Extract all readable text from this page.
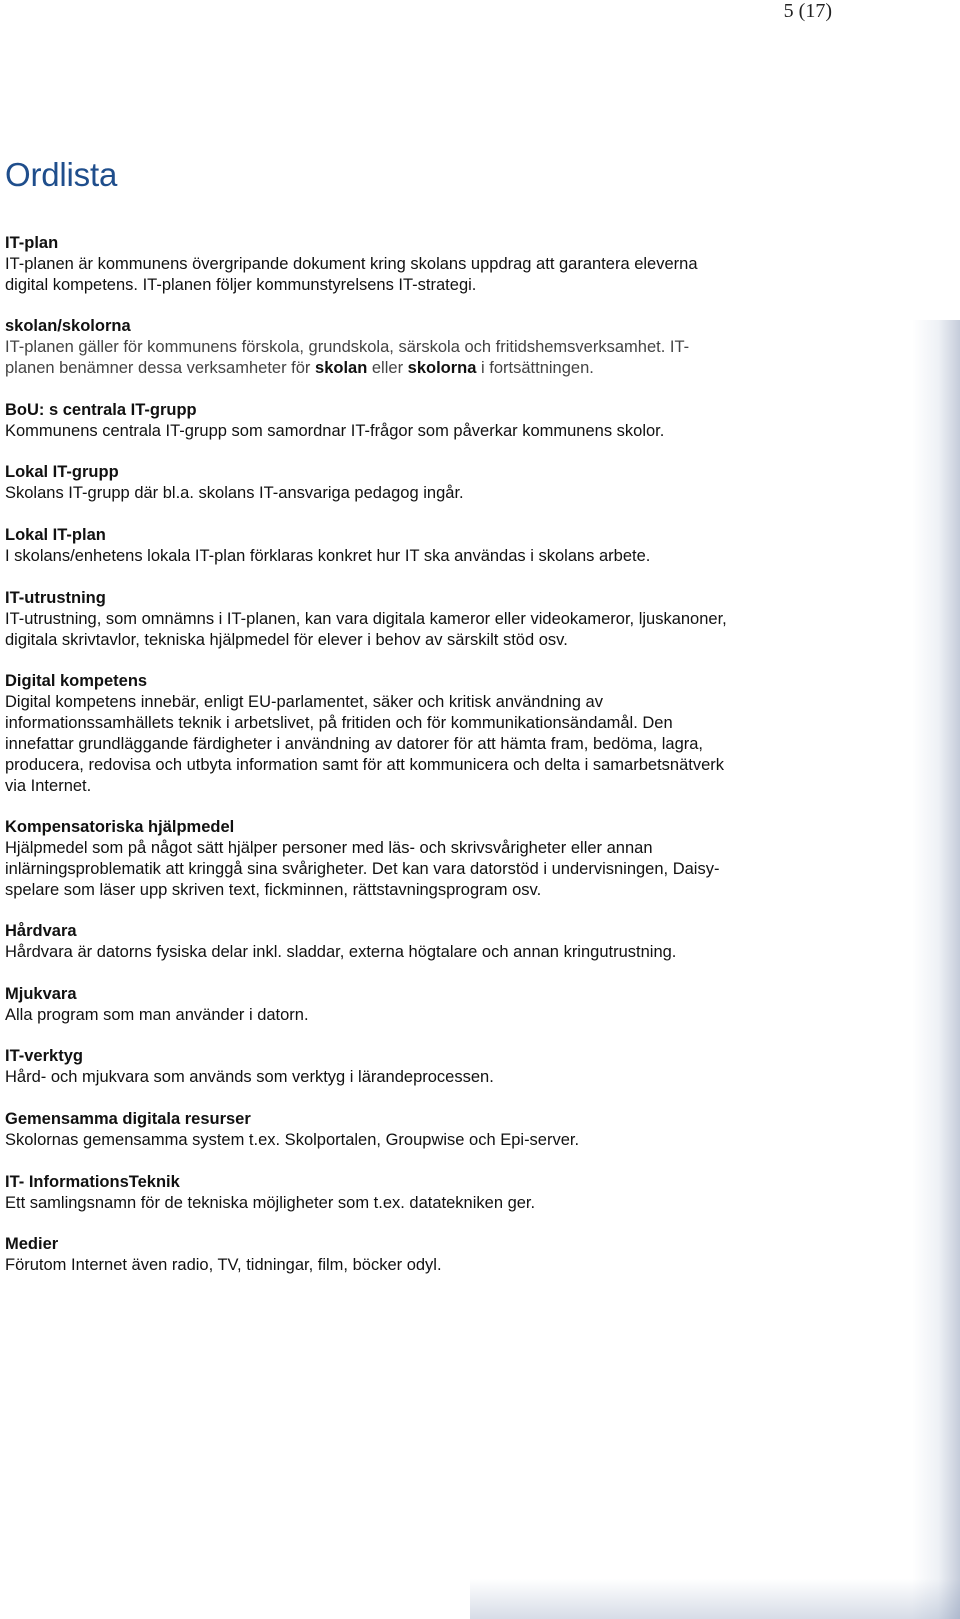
5 (17)
Ordlista
IT-plan
IT-planen är kommunens övergripande dokument kring skolans uppdrag att garantera eleverna
digital kompetens. IT-planen följer kommunstyrelsens IT-strategi.
skolan/skolorna
IT-planen gäller för kommunens förskola, grundskola, särskola och fritidshemsverksamhet. IT-
planen benämner dessa verksamheter för skolan eller skolorna i fortsättningen.
BoU: s centrala IT-grupp
Kommunens centrala IT-grupp som samordnar IT-frågor som påverkar kommunens skolor.
Lokal IT-grupp
Skolans IT-grupp där bl.a. skolans IT-ansvariga pedagog ingår.
Lokal IT-plan
I skolans/enhetens lokala IT-plan förklaras konkret hur IT ska användas i skolans arbete.
IT-utrustning
IT-utrustning, som omnämns i IT-planen, kan vara digitala kameror eller videokameror, ljuskanoner,
digitala skrivtavlor, tekniska hjälpmedel för elever i behov av särskilt stöd osv.
Digital kompetens
Digital kompetens innebär, enligt EU-parlamentet, säker och kritisk användning av
informationssamhällets teknik i arbetslivet, på fritiden och för kommunikationsändamål. Den
innefattar grundläggande färdigheter i användning av datorer för att hämta fram, bedöma, lagra,
producera, redovisa och utbyta information samt för att kommunicera och delta i samarbetsnätverk
via Internet.
Kompensatoriska hjälpmedel
Hjälpmedel som på något sätt hjälper personer med läs- och skrivsvårigheter eller annan
inlärningsproblematik att kringgå sina svårigheter. Det kan vara datorstöd i undervisningen, Daisy-
spelare som läser upp skriven text, fickminnen, rättstavningsprogram osv.
Hårdvara
Hårdvara är datorns fysiska delar inkl. sladdar, externa högtalare och annan kringutrustning.
Mjukvara
Alla program som man använder i datorn.
IT-verktyg
Hård- och mjukvara som används som verktyg i lärandeprocessen.
Gemensamma digitala resurser
Skolornas gemensamma system t.ex. Skolportalen, Groupwise och Epi-server.
IT- InformationsTeknik
Ett samlingsnamn för de tekniska möjligheter som t.ex. datatekniken ger.
Medier
Förutom Internet även radio, TV, tidningar, film, böcker odyl.
